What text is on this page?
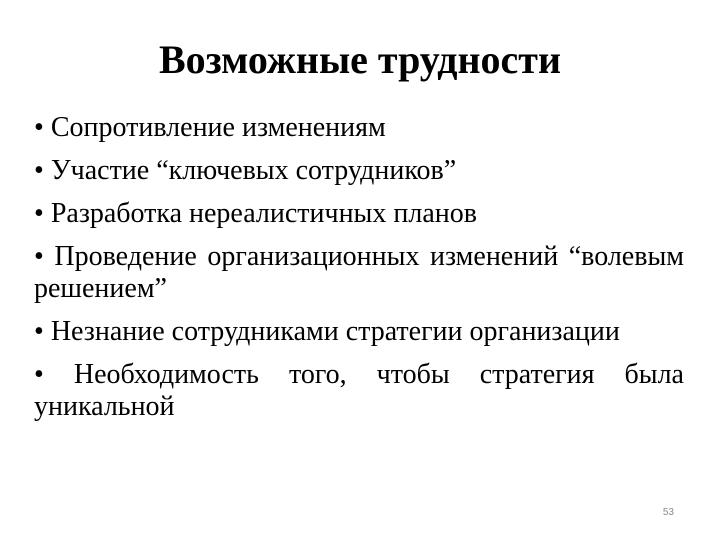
Возможные трудности
• Сопротивление изменениям
• Участие “ключевых сотрудников”
• Разработка нереалистичных планов
• Проведение организационных изменений “волевым решением”
• Незнание сотрудниками стратегии организации
• Необходимость того, чтобы стратегия была уникальной
53
